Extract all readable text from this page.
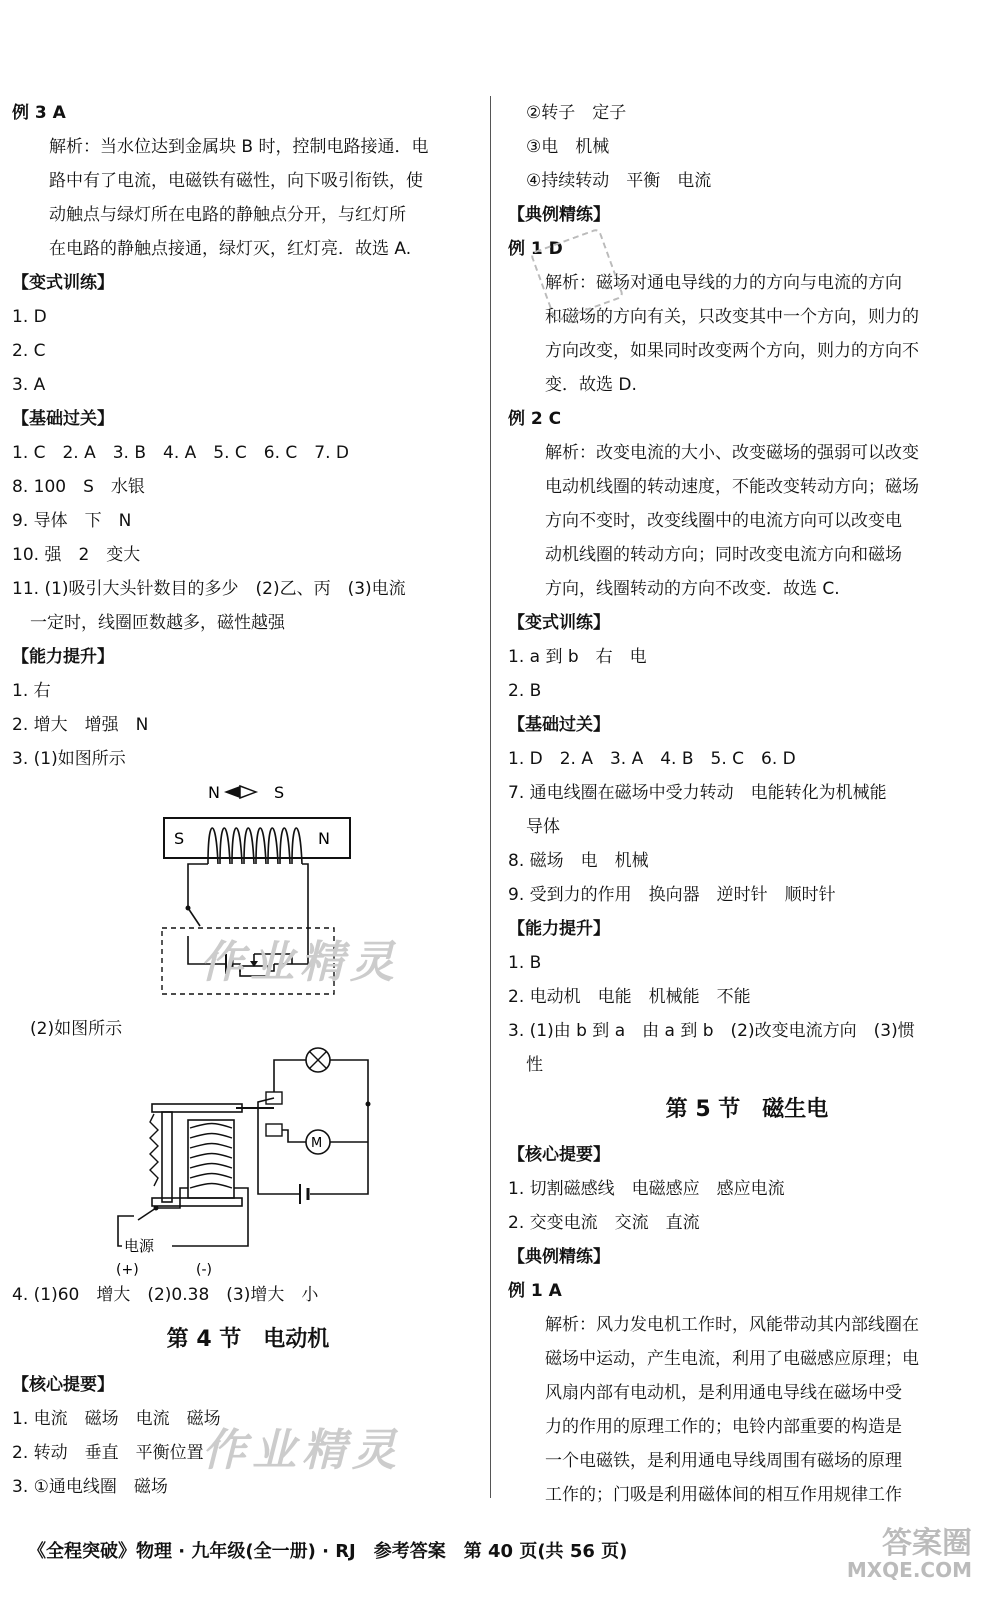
例 3 A
解析：当水位达到金属块 B 时，控制电路接通．电
路中有了电流，电磁铁有磁性，向下吸引衔铁，使
动触点与绿灯所在电路的静触点分开，与红灯所
在电路的静触点接通，绿灯灭，红灯亮．故选 A.
【变式训练】
1. D
2. C
3. A
【基础过关】
1. C　2. A　3. B　4. A　5. C　6. C　7. D
8. 100　S　水银
9. 导体　下　N
10. 强　2　变大
11. (1)吸引大头针数目的多少　(2)乙、丙　(3)电流
一定时，线圈匝数越多，磁性越强
【能力提升】
1. 右
2. 增大　增强　N
3. (1)如图所示
N	S
S	N
作业精灵
(2)如图所示
M
电源
(+)	(-)
4. (1)60　增大　(2)0.38　(3)增大　小
第 4 节　电动机
【核心提要】
1. 电流　磁场　电流　磁场
2. 转动　垂直　平衡位置
3. ①通电线圈　磁场
作业精灵
②转子　定子
③电　机械
④持续转动　平衡　电流
【典例精练】
例 1 D
解析：磁场对通电导线的力的方向与电流的方向
和磁场的方向有关，只改变其中一个方向，则力的
方向改变，如果同时改变两个方向，则力的方向不
变．故选 D.
例 2 C
解析：改变电流的大小、改变磁场的强弱可以改变
电动机线圈的转动速度，不能改变转动方向；磁场
方向不变时，改变线圈中的电流方向可以改变电
动机线圈的转动方向；同时改变电流方向和磁场
方向，线圈转动的方向不改变．故选 C.
【变式训练】
1. a 到 b　右　电
2. B
【基础过关】
1. D　2. A　3. A　4. B　5. C　6. D
7. 通电线圈在磁场中受力转动　电能转化为机械能
导体
8. 磁场　电　机械
9. 受到力的作用　换向器　逆时针　顺时针
【能力提升】
1. B
2. 电动机　电能　机械能　不能
3. (1)由 b 到 a　由 a 到 b　(2)改变电流方向　(3)惯
性
第 5 节　磁生电
【核心提要】
1. 切割磁感线　电磁感应　感应电流
2. 交变电流　交流　直流
【典例精练】
例 1 A
解析：风力发电机工作时，风能带动其内部线圈在
磁场中运动，产生电流，利用了电磁感应原理；电
风扇内部有电动机，是利用通电导线在磁场中受
力的作用的原理工作的；电铃内部重要的构造是
一个电磁铁，是利用通电导线周围有磁场的原理
工作的；门吸是利用磁体间的相互作用规律工作
《全程突破》物理 · 九年级(全一册) · RJ　参考答案　第 40 页(共 56 页)	答案圈
MXQE.COM
